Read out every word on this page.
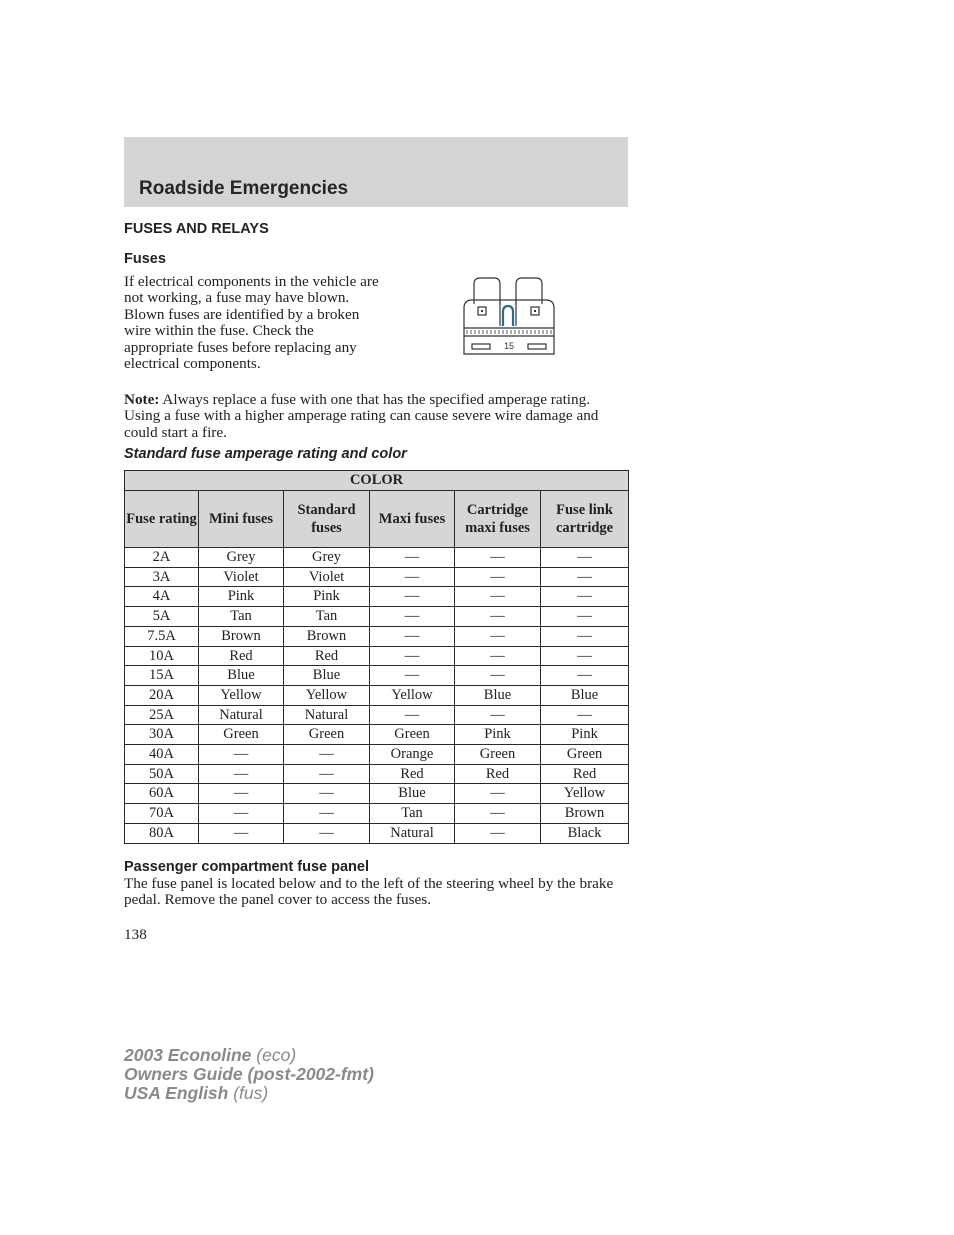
Roadside Emergencies
FUSES AND RELAYS
Fuses

If electrical components in the vehicle are not working, a fuse may have blown. Blown fuses are identified by a broken wire within the fuse. Check the appropriate fuses before replacing any electrical components.

15

Note: Always replace a fuse with one that has the specified amperage rating. Using a fuse with a higher amperage rating can cause severe wire damage and could start a fire.

Standard fuse amperage rating and color
COLOR					
Fuse rating	Mini fuses	Standard fuses	Maxi fuses	Cartridge maxi fuses	Fuse link cartridge
2A	Grey	Grey	—	—	—
3A	Violet	Violet	—	—	—
4A	Pink	Pink	—	—	—
5A	Tan	Tan	—	—	—
7.5A	Brown	Brown	—	—	—
10A	Red	Red	—	—	—
15A	Blue	Blue	—	—	—
20A	Yellow	Yellow	Yellow	Blue	Blue
25A	Natural	Natural	—	—	—
30A	Green	Green	Green	Pink	Pink
40A	—	—	Orange	Green	Green
50A	—	—	Red	Red	Red
60A	—	—	Blue	—	Yellow
70A	—	—	Tan	—	Brown
80A	—	—	Natural	—	Black
Passenger compartment fuse panel

The fuse panel is located below and to the left of the steering wheel by the brake pedal. Remove the panel cover to access the fuses.

138

2003 Econoline (eco)
Owners Guide (post-2002-fmt)
USA English (fus)
